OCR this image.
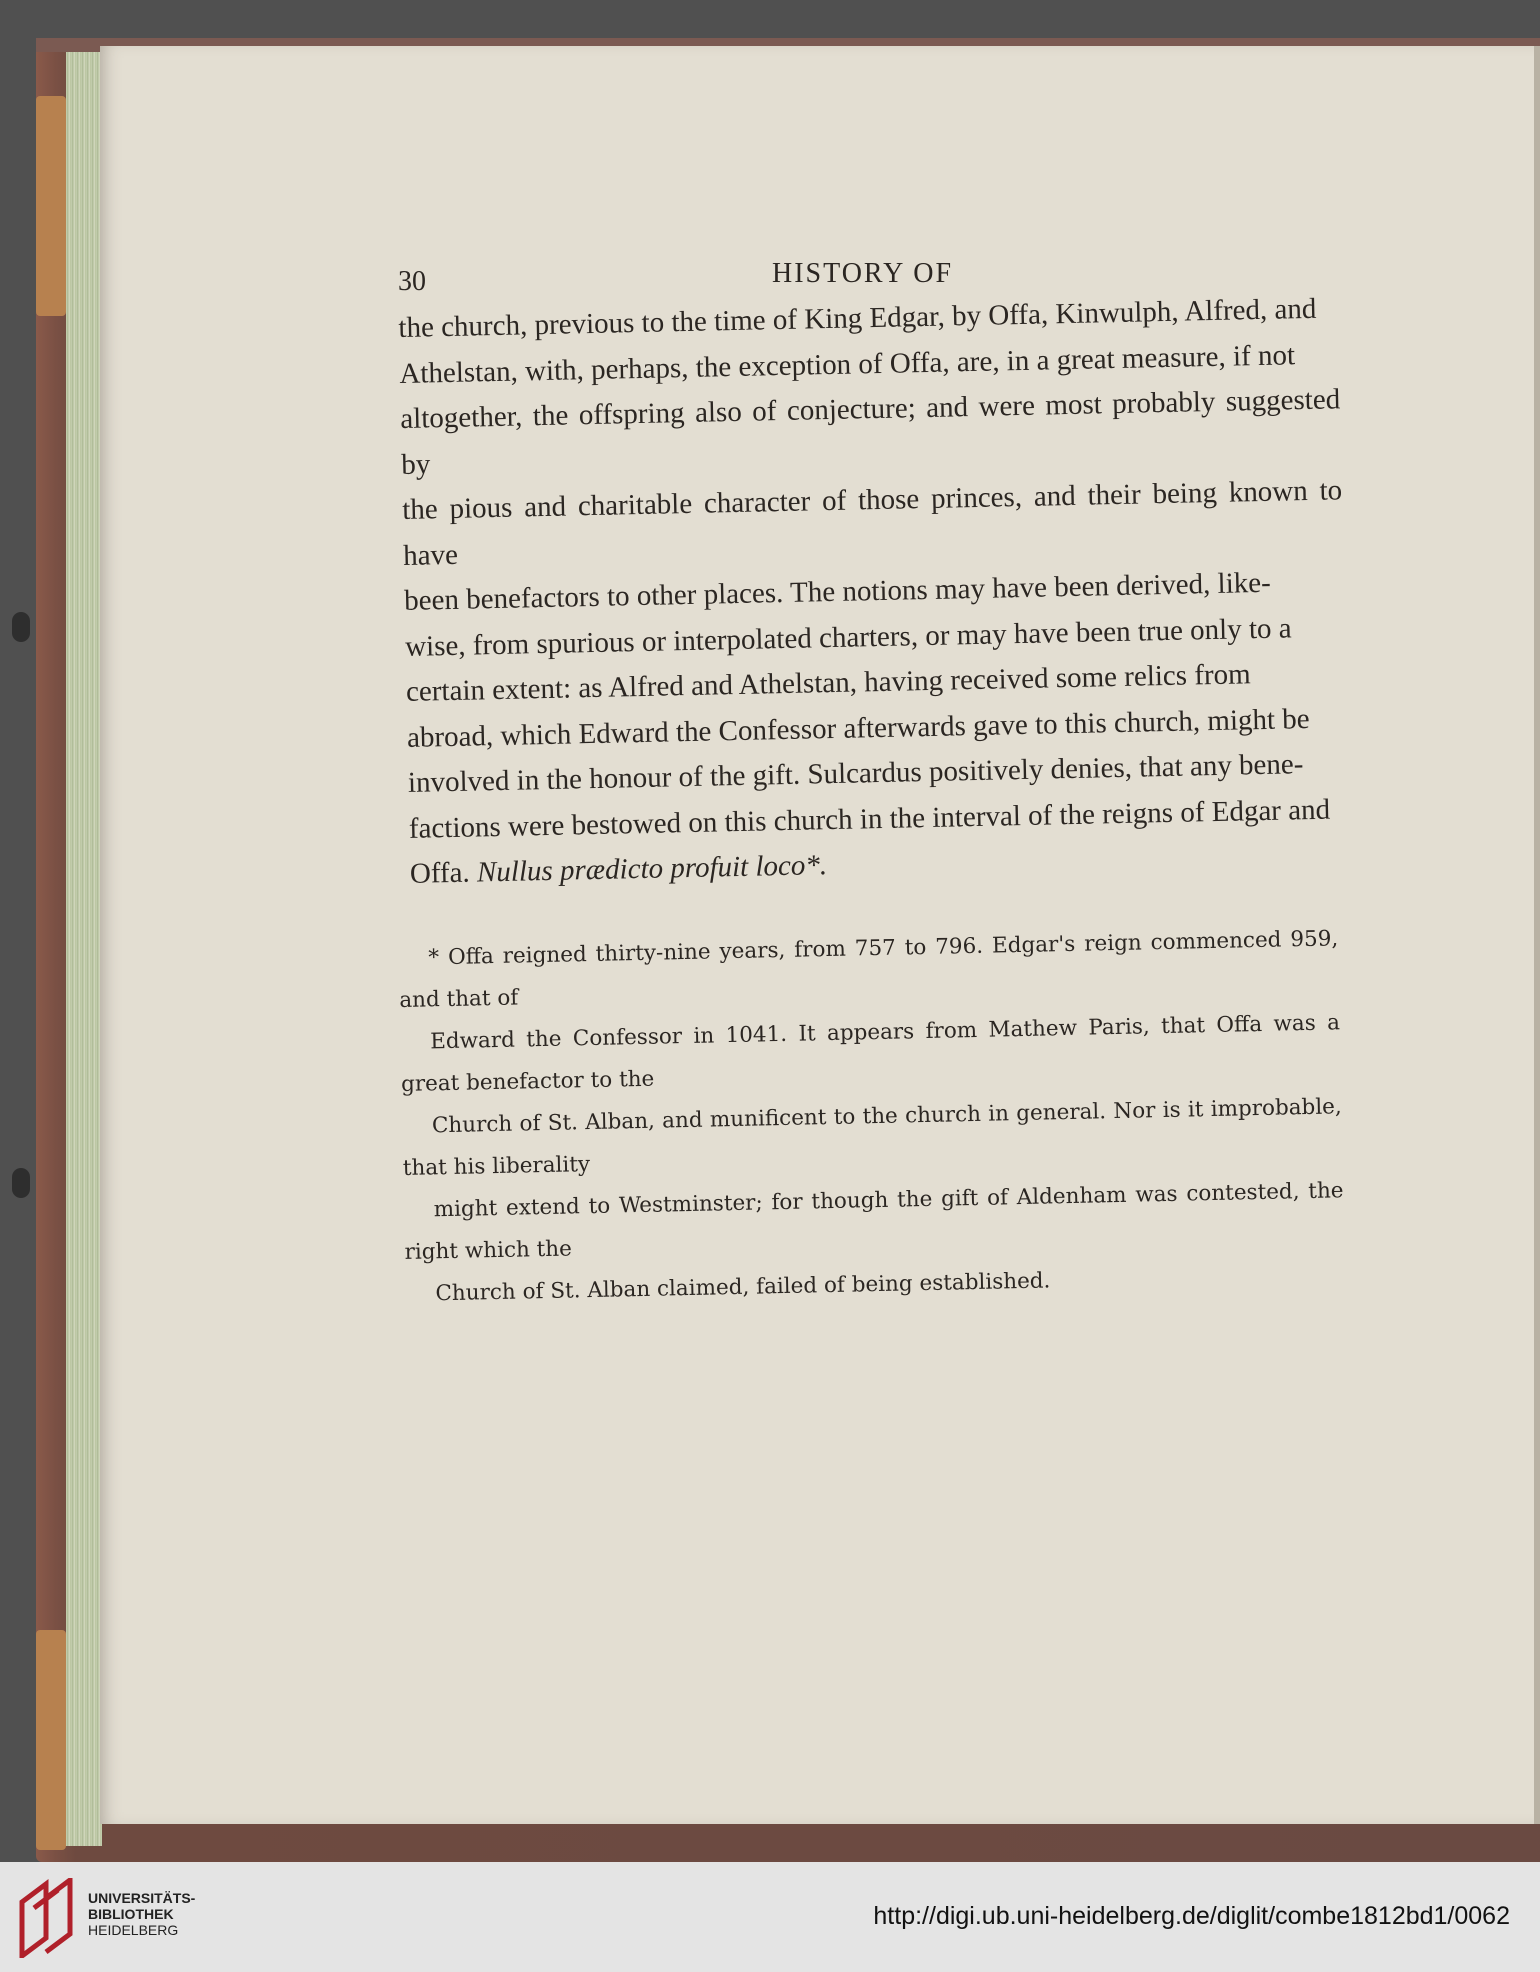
30	HISTORY OF

the church, previous to the time of King Edgar, by Offa, Kinwulph, Alfred, and
Athelstan, with, perhaps, the exception of Offa, are, in a great measure, if not
altogether, the offspring also of conjecture; and were most probably suggested by
the pious and charitable character of those princes, and their being known to have
been benefactors to other places. The notions may have been derived, like-
wise, from spurious or interpolated charters, or may have been true only to a
certain extent: as Alfred and Athelstan, having received some relics from
abroad, which Edward the Confessor afterwards gave to this church, might be
involved in the honour of the gift. Sulcardus positively denies, that any bene-
factions were bestowed on this church in the interval of the reigns of Edgar and
Offa. Nullus prædicto profuit loco*.

* Offa reigned thirty-nine years, from 757 to 796. Edgar's reign commenced 959, and that of
Edward the Confessor in 1041. It appears from Mathew Paris, that Offa was a great benefactor to the
Church of St. Alban, and munificent to the church in general. Nor is it improbable, that his liberality
might extend to Westminster; for though the gift of Aldenham was contested, the right which the
Church of St. Alban claimed, failed of being established.

UNIVERSITÄTS-
BIBLIOTHEK
HEIDELBERG	http://digi.ub.uni-heidelberg.de/diglit/combe1812bd1/0062
